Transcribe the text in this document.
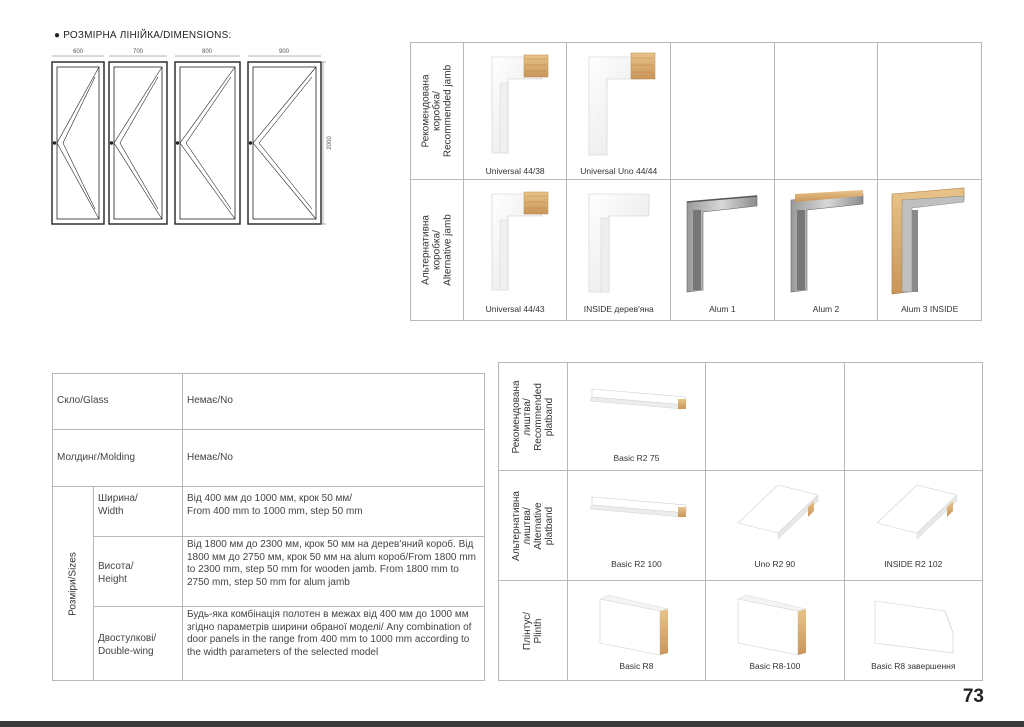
● РОЗМІРНА ЛІНІЙКА/DIMENSIONS:
600	700	800	900
2000	Рекомендована
коробка/
Recommended jamb	Universal 44/38	Universal Uno 44/44			

Альтернативна
коробка/
Alternative jamb	Universal 44/43	INSIDE дерев'яна	Alum 1	Alum 2	Alum 3 INSIDE
Скло/Glass		Немає/No
Молдинг/Molding		Немає/No

Розміри/Sizes	Ширина/
Width	Від 400 мм до 1000 мм, крок 50 мм/
From 400 mm to 1000 mm, step 50 mm
	Висота/
Height	Від 1800 мм до 2300 мм, крок 50 мм на дерев'яний короб. Від 1800 мм до 2750 мм, крок 50 мм на alum короб/From 1800 mm to 2300 mm, step 50 mm for wooden jamb. From 1800 mm to 2750 mm, step 50 mm for alum jamb
	Двостулкові/
Double-wing	Будь-яка комбінація полотен в межах від 400 мм до 1000 мм згідно параметрів ширини обраної моделі/ Any combination of door panels in the range from 400 mm to 1000 mm according to the width parameters of the selected model
Рекомендована
лиштва/
Recommended
platband	Basic R2 75		

Альтернативна
лиштва/
Alternative
platband	Basic R2 100	Uno R2 90	INSIDE R2 102

Плінтус/
Plinth	Basic R8	Basic R8-100	Basic R8 завершення
73
